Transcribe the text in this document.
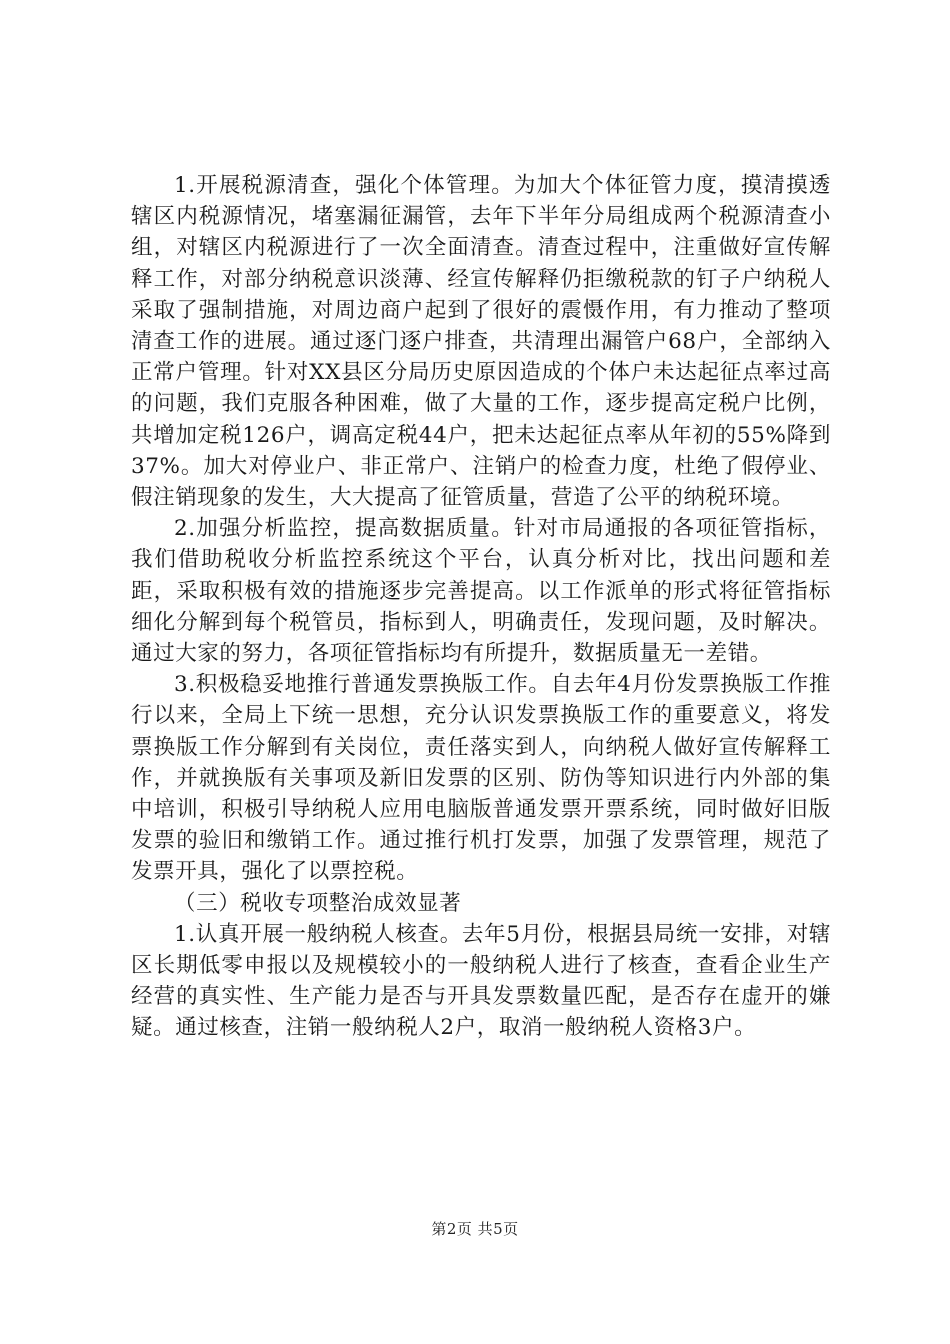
1.开展税源清查，强化个体管理。为加大个体征管力度，摸清摸透辖区内税源情况，堵塞漏征漏管，去年下半年分局组成两个税源清查小组，对辖区内税源进行了一次全面清查。清查过程中，注重做好宣传解释工作，对部分纳税意识淡薄、经宣传解释仍拒缴税款的钉子户纳税人采取了强制措施，对周边商户起到了很好的震慑作用，有力推动了整项清查工作的进展。通过逐门逐户排查，共清理出漏管户68户，全部纳入正常户管理。针对XX县区分局历史原因造成的个体户未达起征点率过高的问题，我们克服各种困难，做了大量的工作，逐步提高定税户比例，共增加定税126户，调高定税44户，把未达起征点率从年初的55%降到37%。加大对停业户、非正常户、注销户的检查力度，杜绝了假停业、假注销现象的发生，大大提高了征管质量，营造了公平的纳税环境。

2.加强分析监控，提高数据质量。针对市局通报的各项征管指标，我们借助税收分析监控系统这个平台，认真分析对比，找出问题和差距，采取积极有效的措施逐步完善提高。以工作派单的形式将征管指标细化分解到每个税管员，指标到人，明确责任，发现问题，及时解决。通过大家的努力，各项征管指标均有所提升，数据质量无一差错。

3.积极稳妥地推行普通发票换版工作。自去年4月份发票换版工作推行以来，全局上下统一思想，充分认识发票换版工作的重要意义，将发票换版工作分解到有关岗位，责任落实到人，向纳税人做好宣传解释工作，并就换版有关事项及新旧发票的区别、防伪等知识进行内外部的集中培训，积极引导纳税人应用电脑版普通发票开票系统，同时做好旧版发票的验旧和缴销工作。通过推行机打发票，加强了发票管理，规范了发票开具，强化了以票控税。

（三）税收专项整治成效显著

1.认真开展一般纳税人核查。去年5月份，根据县局统一安排，对辖区长期低零申报以及规模较小的一般纳税人进行了核查，查看企业生产经营的真实性、生产能力是否与开具发票数量匹配，是否存在虚开的嫌疑。通过核查，注销一般纳税人2户，取消一般纳税人资格3户。

第2页 共5页
